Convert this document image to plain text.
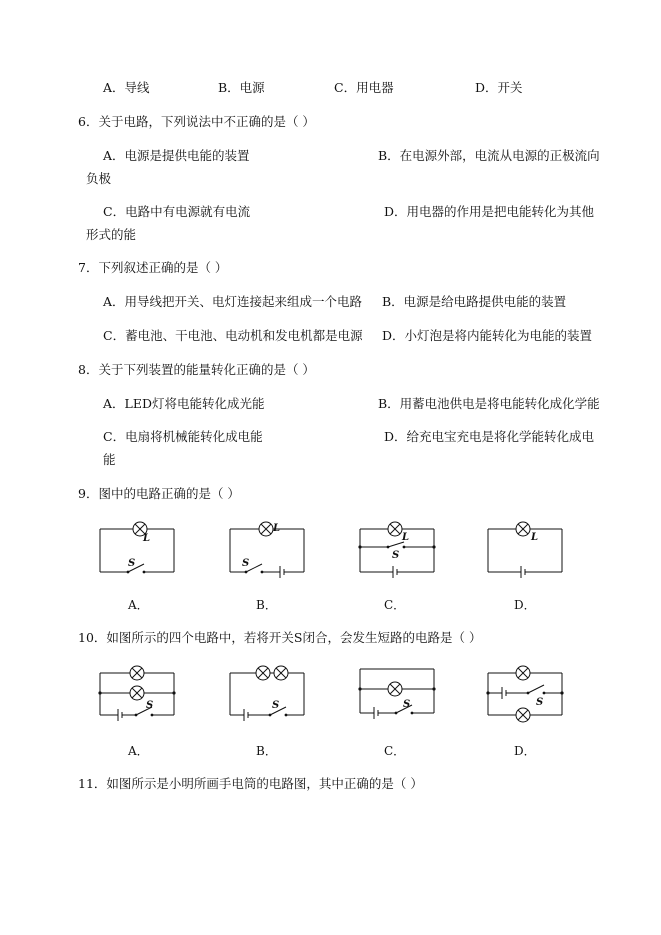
A．导线	B．电源	C．用电器	D．开关
6．关于电路，下列说法中不正确的是（ ）
A．电源是提供电能的装置	B．在电源外部，电流从电源的正极流向
负极
C．电路中有电源就有电流	D．用电器的作用是把电能转化为其他
形式的能
7．下列叙述正确的是（ ）
A．用导线把开关、电灯连接起来组成一个电路 B．电源是给电路提供电能的装置
C．蓄电池、干电池、电动机和发电机都是电源 D．小灯泡是将内能转化为电能的装置
8．关于下列装置的能量转化正确的是（ ）
A．LED灯将电能转化成光能	B．用蓄电池供电是将电能转化成化学能
C．电扇将机械能转化成电能	D．给充电宝充电是将化学能转化成电
能
9．图中的电路正确的是（ ）
L
S
A．
L
S
B．
L
S
C．
L
D．
10．如图所示的四个电路中，若将开关S闭合，会发生短路的电路是（ ）
S
A．
S
B．
S
C．
S
D．
11．如图所示是小明所画手电筒的电路图，其中正确的是（ ）
